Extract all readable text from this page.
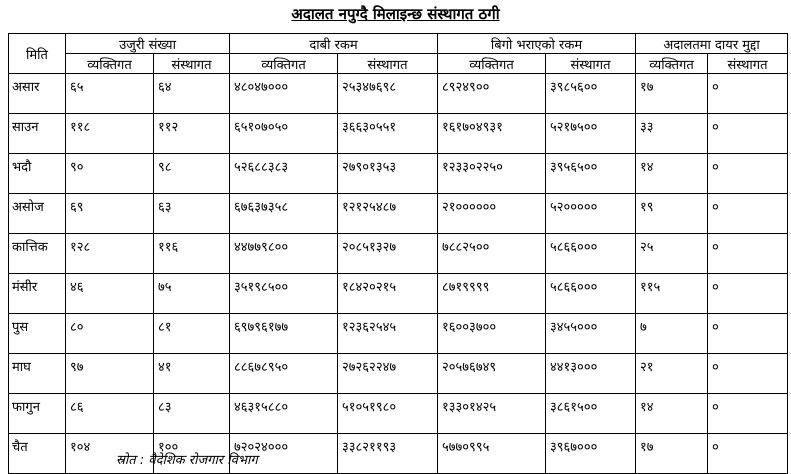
अदालत नपुग्दै मिलाइन्छ संस्थागत ठगी
मिति	उजुरी संख्या		दाबी रकम		बिगो भराएको रकम		अदालतमा दायर मुद्दा	
	व्यक्तिगत	संस्थागत	व्यक्तिगत	संस्थागत	व्यक्तिगत	संस्थागत	व्यक्तिगत	संस्थागत
असार	६५	६४	४८०४७०००	२५३४७६९८	८९२४९००	३९८५६००	१७	०
साउन	११८	११२	६५१०७०५०	३६६३०५५१	१६१७०४९३१	५२१७५००	३३	०
भदौ	९०	९८	५२६८८३८३	२७९०१३५३	१२३३०२२५०	३९५६५००	१४	०
असोज	६९	६३	६७६३७३५८	१२१२५४८७	२१००००००	५२०००००	१९	०
कात्तिक	१२८	११६	४४७७९८००	२०८५१३२७	७८८२५००	५८६६०००	२५	०
मंसीर	४६	७५	३५१९८५००	१८४२०२१५	८७१९९९९	५८६६०००	११५	०
पुस	८०	८१	६९७९६१७७	१२३६२५४५	१६००३७००	३४५५०००	७	०
माघ	९७	४१	८८६७८९५०	२७२६२२४७	२०५७६७४९	४४१३०००	२१	०
फागुन	८६	८३	४६३१५८८०	५१०५१९८०	१३३०१४२५	३८६१५००	१४	०
चैत	१०४	१००	७२०२४०००	३३८२११९३	५७७०९९५	३९६७०००	१७	०
स्रोत : वैदेशिक रोजगार विभाग
